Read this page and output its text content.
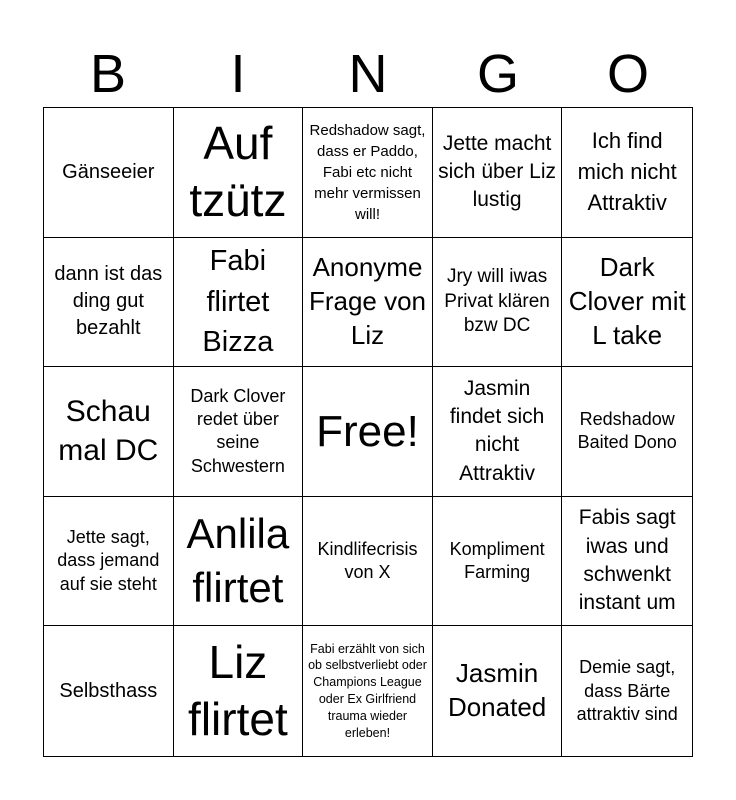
B	I	N	G	O
Gänseeier
Auf tzütz
Redshadow sagt, dass er Paddo, Fabi etc nicht mehr vermissen will!
Jette macht sich über Liz lustig
Ich find mich nicht Attraktiv
dann ist das ding gut bezahlt
Fabi flirtet Bizza
Anonyme Frage von Liz
Jry will iwas Privat klären bzw DC
Dark Clover mit L take
Schau mal DC
Dark Clover redet über seine Schwestern
Free!
Jasmin findet sich nicht Attraktiv
Redshadow Baited Dono
Jette sagt, dass jemand auf sie steht
Anlila flirtet
Kindlifecrisis von X
Kompliment Farming
Fabis sagt iwas und schwenkt instant um
Selbsthass
Liz flirtet
Fabi erzählt von sich ob selbstverliebt oder Champions League oder Ex Girlfriend trauma wieder erleben!
Jasmin Donated
Demie sagt, dass Bärte attraktiv sind
